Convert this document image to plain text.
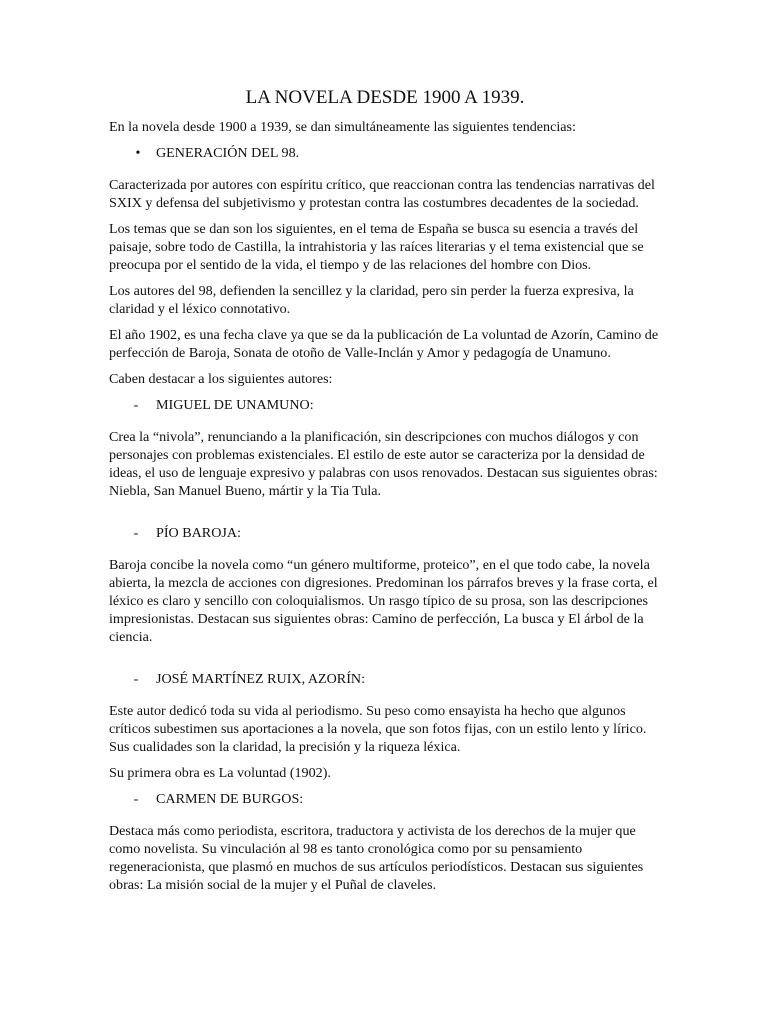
LA NOVELA DESDE 1900 A 1939.

En la novela desde 1900 a 1939, se dan simultáneamente las siguientes tendencias:

• GENERACIÓN DEL 98.

Caracterizada por autores con espíritu crítico, que reaccionan contra las tendencias narrativas del SXIX y defensa del subjetivismo y protestan contra las costumbres decadentes de la sociedad.

Los temas que se dan son los siguientes, en el tema de España se busca su esencia a través del paisaje, sobre todo de Castilla, la intrahistoria y las raíces literarias y el tema existencial que se preocupa por el sentido de la vida, el tiempo y de las relaciones del hombre con Dios.

Los autores del 98, defienden la sencillez y la claridad, pero sin perder la fuerza expresiva, la claridad y el léxico connotativo.

El año 1902, es una fecha clave ya que se da la publicación de La voluntad de Azorín, Camino de perfección de Baroja, Sonata de otoño de Valle-Inclán y Amor y pedagogía de Unamuno.

Caben destacar a los siguientes autores:

- MIGUEL DE UNAMUNO:

Crea la “nivola”, renunciando a la planificación, sin descripciones con muchos diálogos y con personajes con problemas existenciales. El estilo de este autor se caracteriza por la densidad de ideas, el uso de lenguaje expresivo y palabras con usos renovados. Destacan sus siguientes obras: Niebla, San Manuel Bueno, mártir y la Tia Tula.

- PÍO BAROJA:

Baroja concibe la novela como “un género multiforme, proteico”, en el que todo cabe, la novela abierta, la mezcla de acciones con digresiones. Predominan los párrafos breves y la frase corta, el léxico es claro y sencillo con coloquialismos. Un rasgo típico de su prosa, son las descripciones impresionistas. Destacan sus siguientes obras: Camino de perfección, La busca y El árbol de la ciencia.

- JOSÉ MARTÍNEZ RUIX, AZORÍN:

Este autor dedicó toda su vida al periodismo. Su peso como ensayista ha hecho que algunos críticos subestimen sus aportaciones a la novela, que son fotos fijas, con un estilo lento y lírico. Sus cualidades son la claridad, la precisión y la riqueza léxica.

Su primera obra es La voluntad (1902).

- CARMEN DE BURGOS:

Destaca más como periodista, escritora, traductora y activista de los derechos de la mujer que como novelista. Su vinculación al 98 es tanto cronológica como por su pensamiento regeneracionista, que plasmó en muchos de sus artículos periodísticos. Destacan sus siguientes obras: La misión social de la mujer y el Puñal de claveles.
